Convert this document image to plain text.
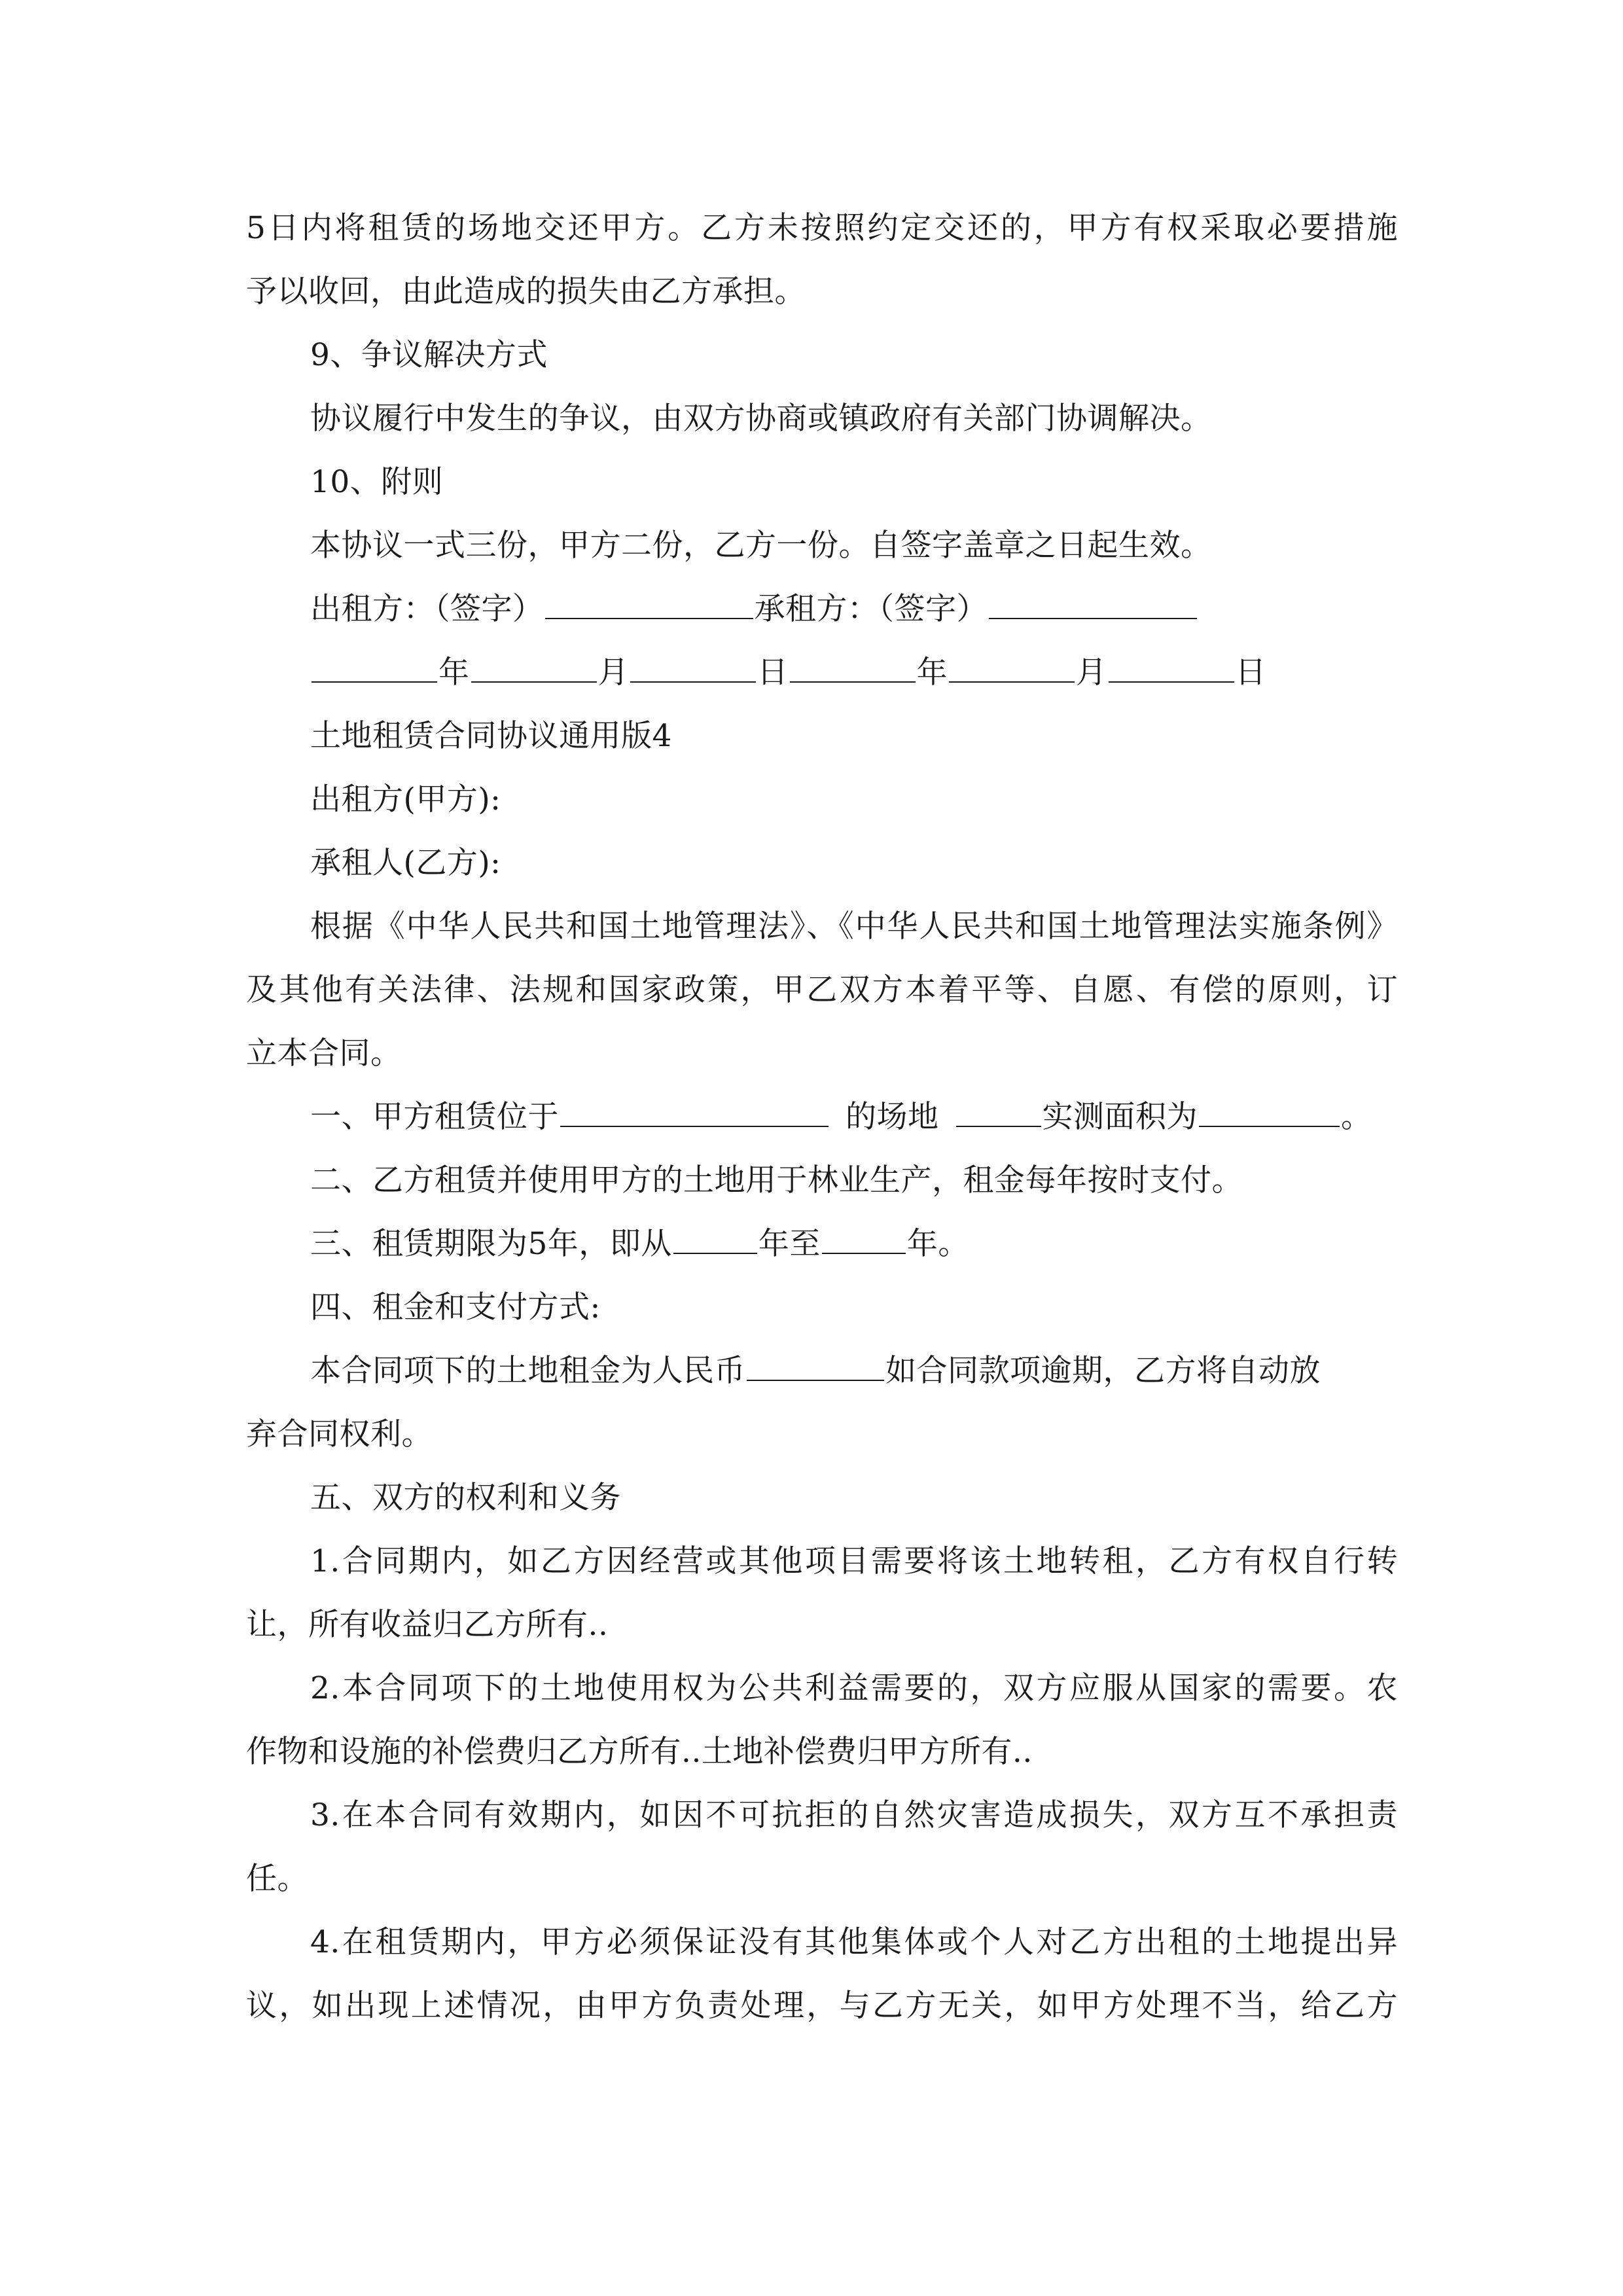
5日内将租赁的场地交还甲方。乙方未按照约定交还的，甲方有权采取必要措施
予以收回，由此造成的损失由乙方承担。
9、争议解决方式
协议履行中发生的争议，由双方协商或镇政府有关部门协调解决。
10、附则
本协议一式三份，甲方二份，乙方一份。自签字盖章之日起生效。
出租方：（签字）	承租方：（签字）
年	月	日	年	月	日
土地租赁合同协议通用版4
出租方(甲方):
承租人(乙方):
根据《中华人民共和国土地管理法》、《中华人民共和国土地管理法实施条例》
及其他有关法律、法规和国家政策，甲乙双方本着平等、自愿、有偿的原则，订
立本合同。
一、甲方租赁位于	的场地	实测面积为	。
二、乙方租赁并使用甲方的土地用于林业生产，租金每年按时支付。
三、租赁期限为5年，即从	年至	年。
四、租金和支付方式:
本合同项下的土地租金为人民币	如合同款项逾期，乙方将自动放
弃合同权利。
五、双方的权利和义务
1.合同期内，如乙方因经营或其他项目需要将该土地转租，乙方有权自行转
让，所有收益归乙方所有..
2.本合同项下的土地使用权为公共利益需要的，双方应服从国家的需要。农
作物和设施的补偿费归乙方所有..土地补偿费归甲方所有..
3.在本合同有效期内，如因不可抗拒的自然灾害造成损失，双方互不承担责
任。
4.在租赁期内，甲方必须保证没有其他集体或个人对乙方出租的土地提出异
议，如出现上述情况，由甲方负责处理，与乙方无关，如甲方处理不当，给乙方
